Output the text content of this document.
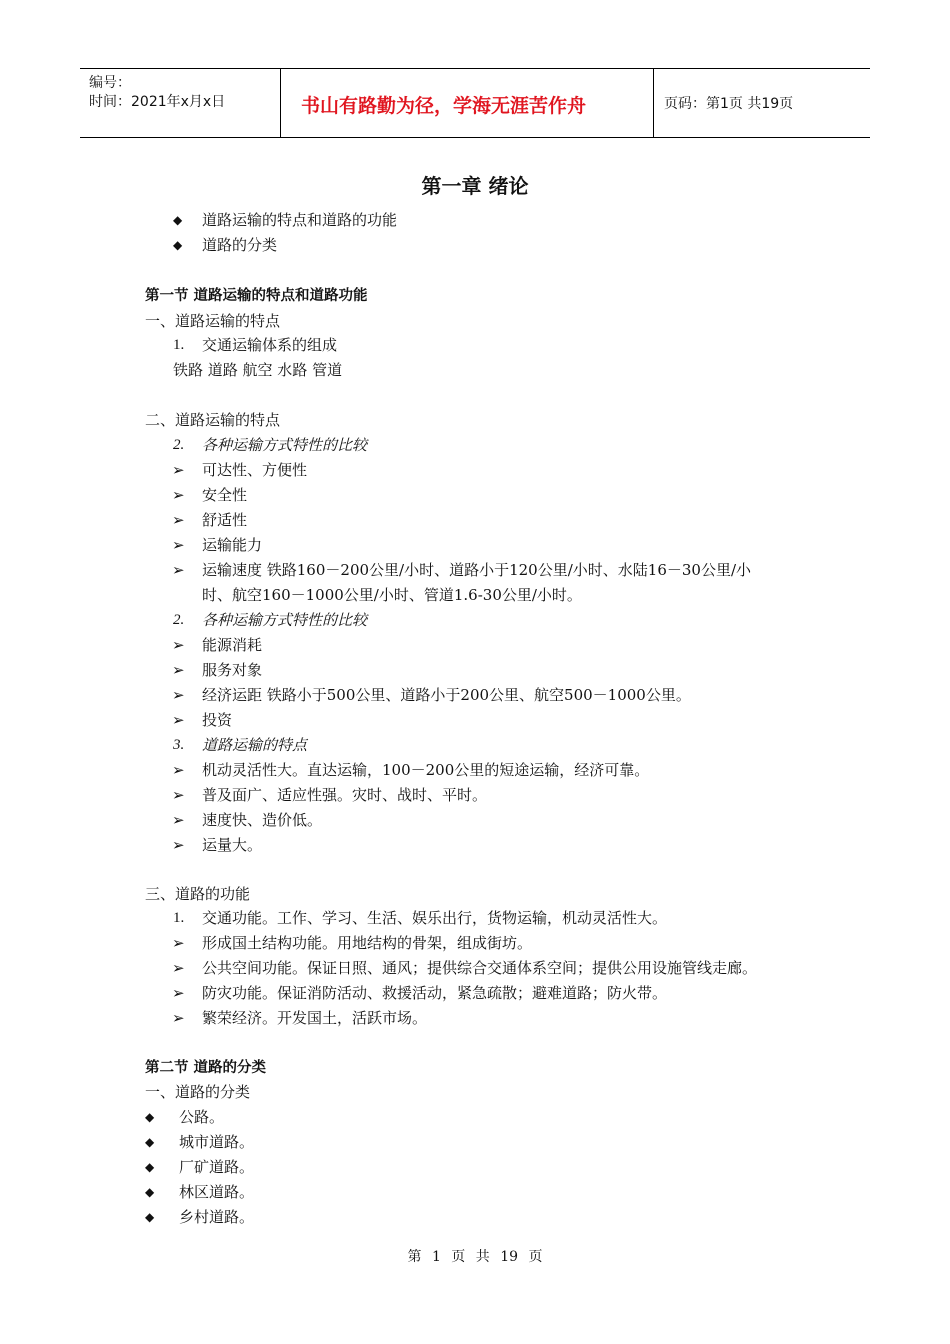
编号：
时间：2021年x月x日	书山有路勤为径，学海无涯苦作舟	页码：第1页 共19页
第一章 绪论
◆ 道路运输的特点和道路的功能
◆ 道路的分类
第一节 道路运输的特点和道路功能
一、道路运输的特点
1. 交通运输体系的组成
铁路 道路 航空 水路 管道
二、道路运输的特点
2. 各种运输方式特性的比较
➢ 可达性、方便性
➢ 安全性
➢ 舒适性
➢ 运输能力
➢ 运输速度 铁路160－200公里/小时、道路小于120公里/小时、水陆16－30公里/小
时、航空160－1000公里/小时、管道1.6-30公里/小时。
2. 各种运输方式特性的比较
➢ 能源消耗
➢ 服务对象
➢ 经济运距 铁路小于500公里、道路小于200公里、航空500－1000公里。
➢ 投资
3. 道路运输的特点
➢ 机动灵活性大。直达运输，100－200公里的短途运输，经济可靠。
➢ 普及面广、适应性强。灾时、战时、平时。
➢ 速度快、造价低。
➢ 运量大。
三、道路的功能
1. 交通功能。工作、学习、生活、娱乐出行，货物运输，机动灵活性大。
➢ 形成国土结构功能。用地结构的骨架，组成街坊。
➢ 公共空间功能。保证日照、通风；提供综合交通体系空间；提供公用设施管线走廊。
➢ 防灾功能。保证消防活动、救援活动，紧急疏散；避难道路；防火带。
➢ 繁荣经济。开发国土，活跃市场。
第二节 道路的分类
一、道路的分类
◆ 公路。
◆ 城市道路。
◆ 厂矿道路。
◆ 林区道路。
◆ 乡村道路。
第 1 页 共 19 页
